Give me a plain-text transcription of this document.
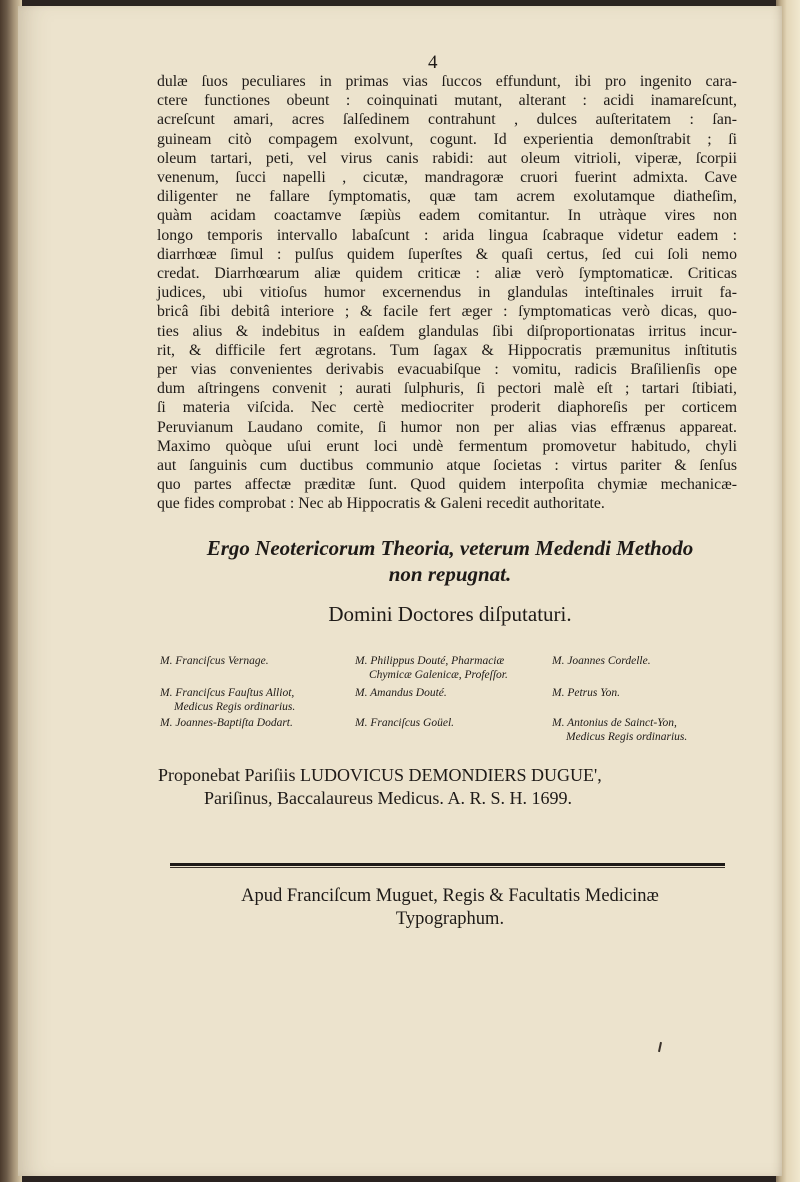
4
dulæ ſuos peculiares in primas vias ſuccos effundunt, ibi pro ingenito cara-
ctere functiones obeunt : coinquinati mutant, alterant : acidi inamareſcunt,
acreſcunt amari, acres ſalſedinem contrahunt , dulces auſteritatem : ſan-
guineam citò compagem exolvunt, cogunt. Id experientia demonſtrabit ; ſi
oleum tartari, peti, vel virus canis rabidi: aut oleum vitrioli, viperæ, ſcorpii
venenum, ſucci napelli , cicutæ, mandragoræ cruori fuerint admixta. Cave
diligenter ne fallare ſymptomatis, quæ tam acrem exolutamque diatheſim,
quàm acidam coactamve ſæpiùs eadem comitantur. In utràque vires non
longo temporis intervallo labaſcunt : arida lingua ſcabraque videtur eadem :
diarrhœæ ſimul : pulſus quidem ſuperſtes & quaſi certus, ſed cui ſoli nemo
credat. Diarrhœarum aliæ quidem criticæ : aliæ verò ſymptomaticæ. Criticas
judices, ubi vitioſus humor excernendus in glandulas inteſtinales irruit fa-
bricâ ſibi debitâ interiore ; & facile fert æger : ſymptomaticas verò dicas, quo-
ties alius & indebitus in eaſdem glandulas ſibi diſproportionatas irritus incur-
rit, & difficile fert ægrotans. Tum ſagax & Hippocratis præmunitus inſtitutis
per vias convenientes derivabis evacuabiſque : vomitu, radicis Braſilienſis ope
dum aſtringens convenit ; aurati ſulphuris, ſi pectori malè eſt ; tartari ſtibiati,
ſi materia viſcida. Nec certè mediocriter proderit diaphoreſis per corticem
Peruvianum Laudano comite, ſi humor non per alias vias effrænus appareat.
Maximo quòque uſui erunt loci undè fermentum promovetur habitudo, chyli
aut ſanguinis cum ductibus communio atque ſocietas : virtus pariter & ſenſus
quo partes affectæ præditæ ſunt. Quod quidem interpoſita chymiæ mechanicæ-
que fides comprobat : Nec ab Hippocratis & Galeni recedit authoritate.
Ergo Neotericorum Theoria, veterum Medendi Methodo
non repugnat.
Domini Doctores diſputaturi.
M. Franciſcus Vernage.
M. Franciſcus Fauſtus Alliot,
Medicus Regis ordinarius.
M. Joannes-Baptiſta Dodart.
M. Philippus Douté, Pharmaciæ
Chymicæ Galenicæ, Profeſſor.
M. Amandus Douté.
M. Franciſcus Goüel.
M. Joannes Cordelle.
M. Petrus Yon.
M. Antonius de Sainct-Yon,
Medicus Regis ordinarius.
Proponebat Pariſiis LUDOVICUS DEMONDIERS DUGUE',
Pariſinus, Baccalaureus Medicus. A. R. S. H. 1699.
Apud Franciſcum Muguet, Regis & Facultatis Medicinæ
Typographum.
